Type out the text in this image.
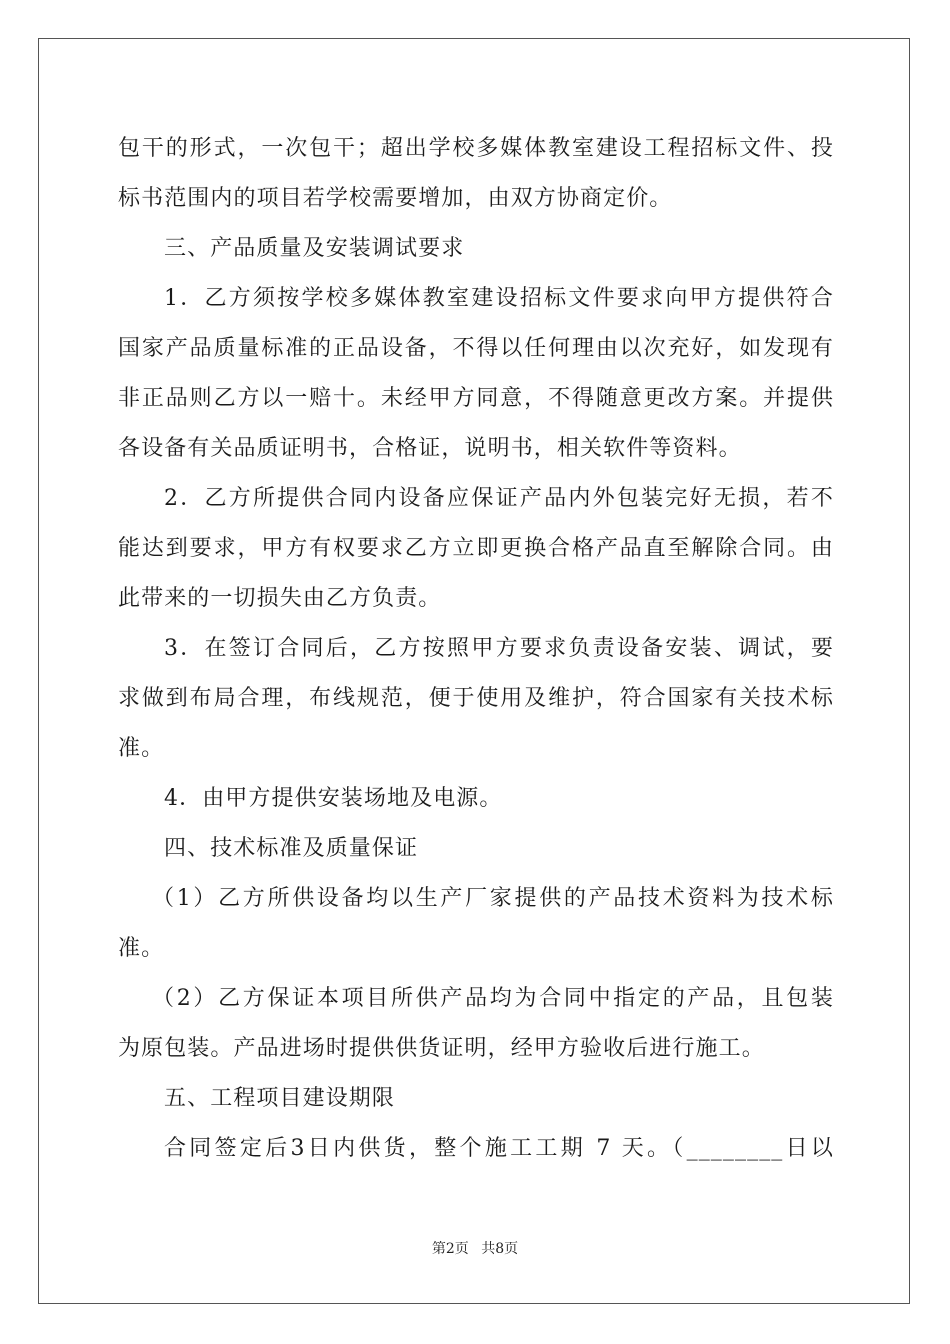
包干的形式，一次包干；超出学校多媒体教室建设工程招标文件、投
标书范围内的项目若学校需要增加，由双方协商定价。
三、产品质量及安装调试要求
1．乙方须按学校多媒体教室建设招标文件要求向甲方提供符合
国家产品质量标准的正品设备，不得以任何理由以次充好，如发现有
非正品则乙方以一赔十。未经甲方同意，不得随意更改方案。并提供
各设备有关品质证明书，合格证，说明书，相关软件等资料。
2．乙方所提供合同内设备应保证产品内外包装完好无损，若不
能达到要求，甲方有权要求乙方立即更换合格产品直至解除合同。由
此带来的一切损失由乙方负责。
3．在签订合同后，乙方按照甲方要求负责设备安装、调试，要
求做到布局合理，布线规范，便于使用及维护，符合国家有关技术标
准。
4．由甲方提供安装场地及电源。
四、技术标准及质量保证
（1）乙方所供设备均以生产厂家提供的产品技术资料为技术标
准。
（2）乙方保证本项目所供产品均为合同中指定的产品，且包装
为原包装。产品进场时提供供货证明，经甲方验收后进行施工。
五、工程项目建设期限
合同签定后3日内供货，整个施工工期 7 天。（________日以
第2页 共8页
